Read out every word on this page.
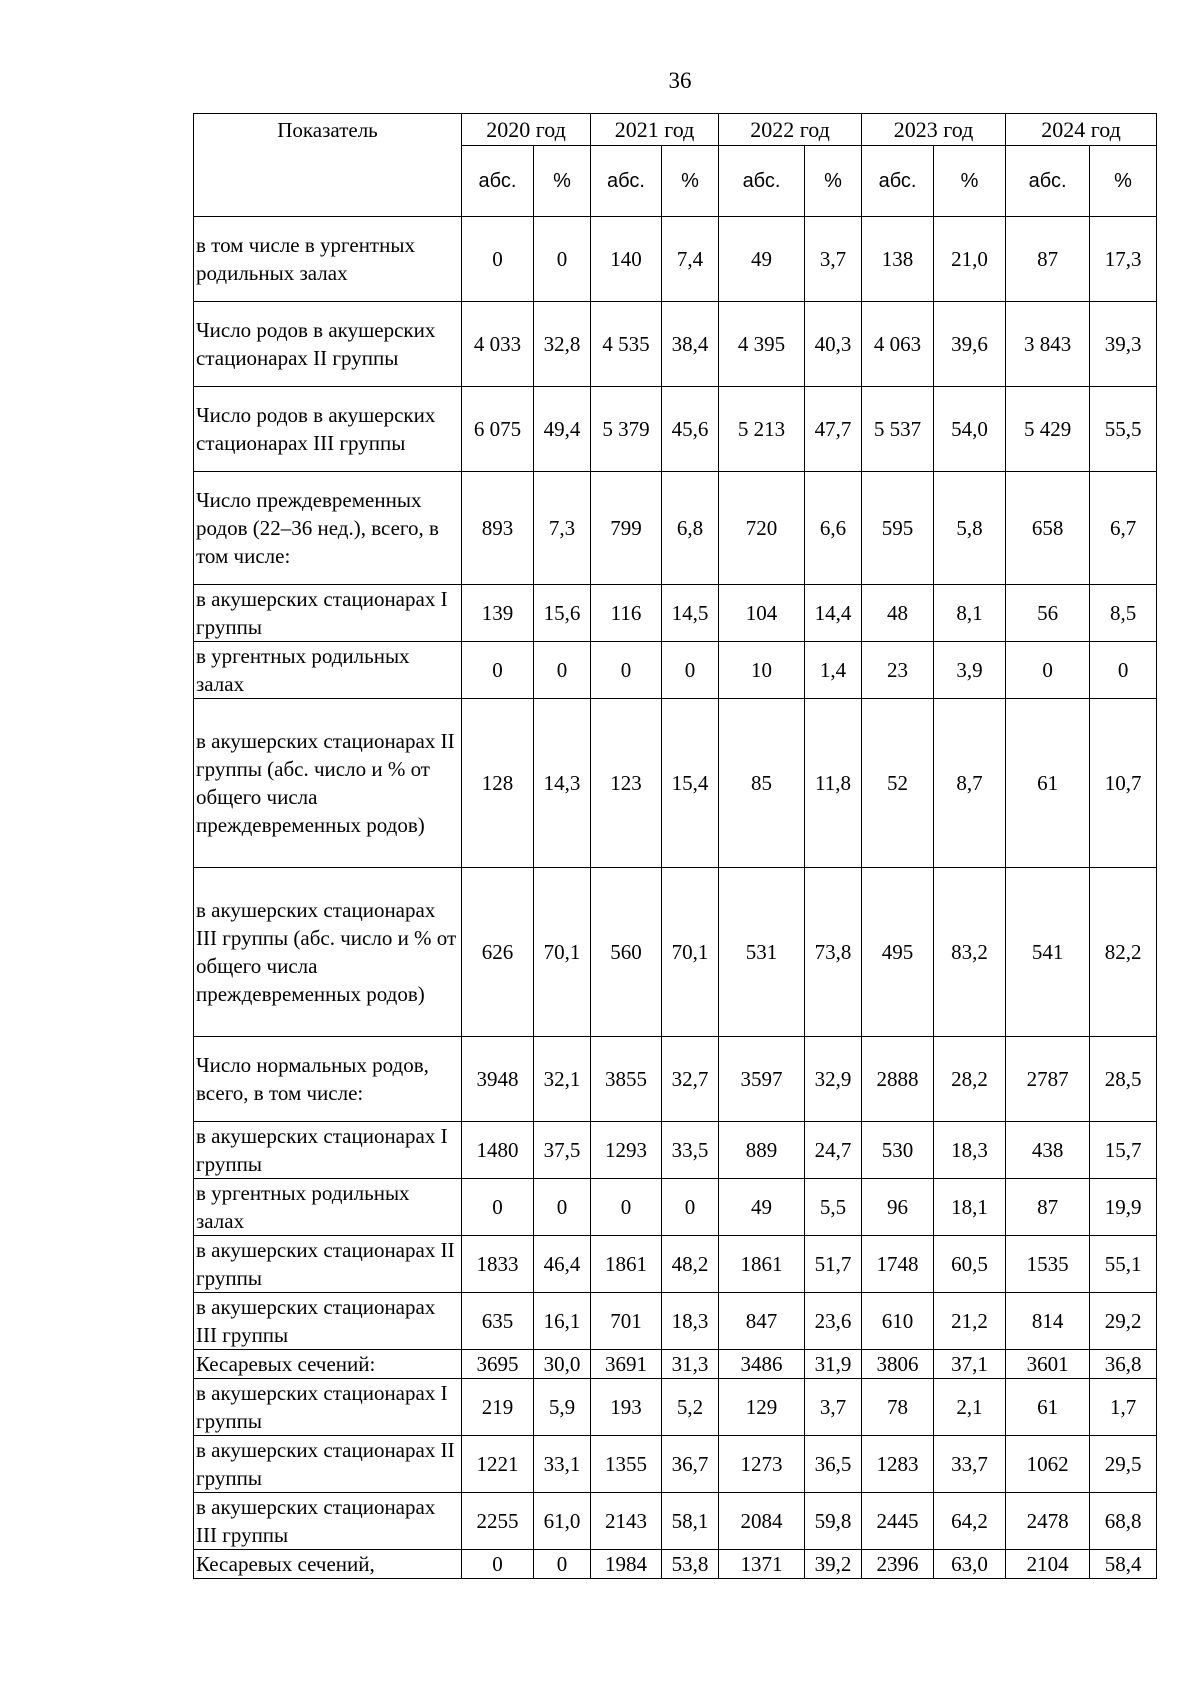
36
Показатель	2020 год		2021 год		2022 год		2023 год		2024 год	
	абс.	%	абс.	%	абс.	%	абс.	%	абс.	%
в том числе в ургентных родильных залах	0	0	140	7,4	49	3,7	138	21,0	87	17,3
Число родов в акушерских стационарах II группы	4 033	32,8	4 535	38,4	4 395	40,3	4 063	39,6	3 843	39,3
Число родов в акушерских стационарах III группы	6 075	49,4	5 379	45,6	5 213	47,7	5 537	54,0	5 429	55,5
Число преждевременных родов (22–36 нед.), всего, в том числе:	893	7,3	799	6,8	720	6,6	595	5,8	658	6,7
в акушерских стационарах I группы	139	15,6	116	14,5	104	14,4	48	8,1	56	8,5
в ургентных родильных залах	0	0	0	0	10	1,4	23	3,9	0	0
в акушерских стационарах II группы (абс. число и % от общего числа преждевременных родов)	128	14,3	123	15,4	85	11,8	52	8,7	61	10,7
в акушерских стационарах III группы (абс. число и % от общего числа преждевременных родов)	626	70,1	560	70,1	531	73,8	495	83,2	541	82,2
Число нормальных родов, всего, в том числе:	3948	32,1	3855	32,7	3597	32,9	2888	28,2	2787	28,5
в акушерских стационарах I группы	1480	37,5	1293	33,5	889	24,7	530	18,3	438	15,7
в ургентных родильных залах	0	0	0	0	49	5,5	96	18,1	87	19,9
в акушерских стационарах II группы	1833	46,4	1861	48,2	1861	51,7	1748	60,5	1535	55,1
в акушерских стационарах III группы	635	16,1	701	18,3	847	23,6	610	21,2	814	29,2
Кесаревых сечений:	3695	30,0	3691	31,3	3486	31,9	3806	37,1	3601	36,8
в акушерских стационарах I группы	219	5,9	193	5,2	129	3,7	78	2,1	61	1,7
в акушерских стационарах II группы	1221	33,1	1355	36,7	1273	36,5	1283	33,7	1062	29,5
в акушерских стационарах III группы	2255	61,0	2143	58,1	2084	59,8	2445	64,2	2478	68,8
Кесаревых сечений,	0	0	1984	53,8	1371	39,2	2396	63,0	2104	58,4
